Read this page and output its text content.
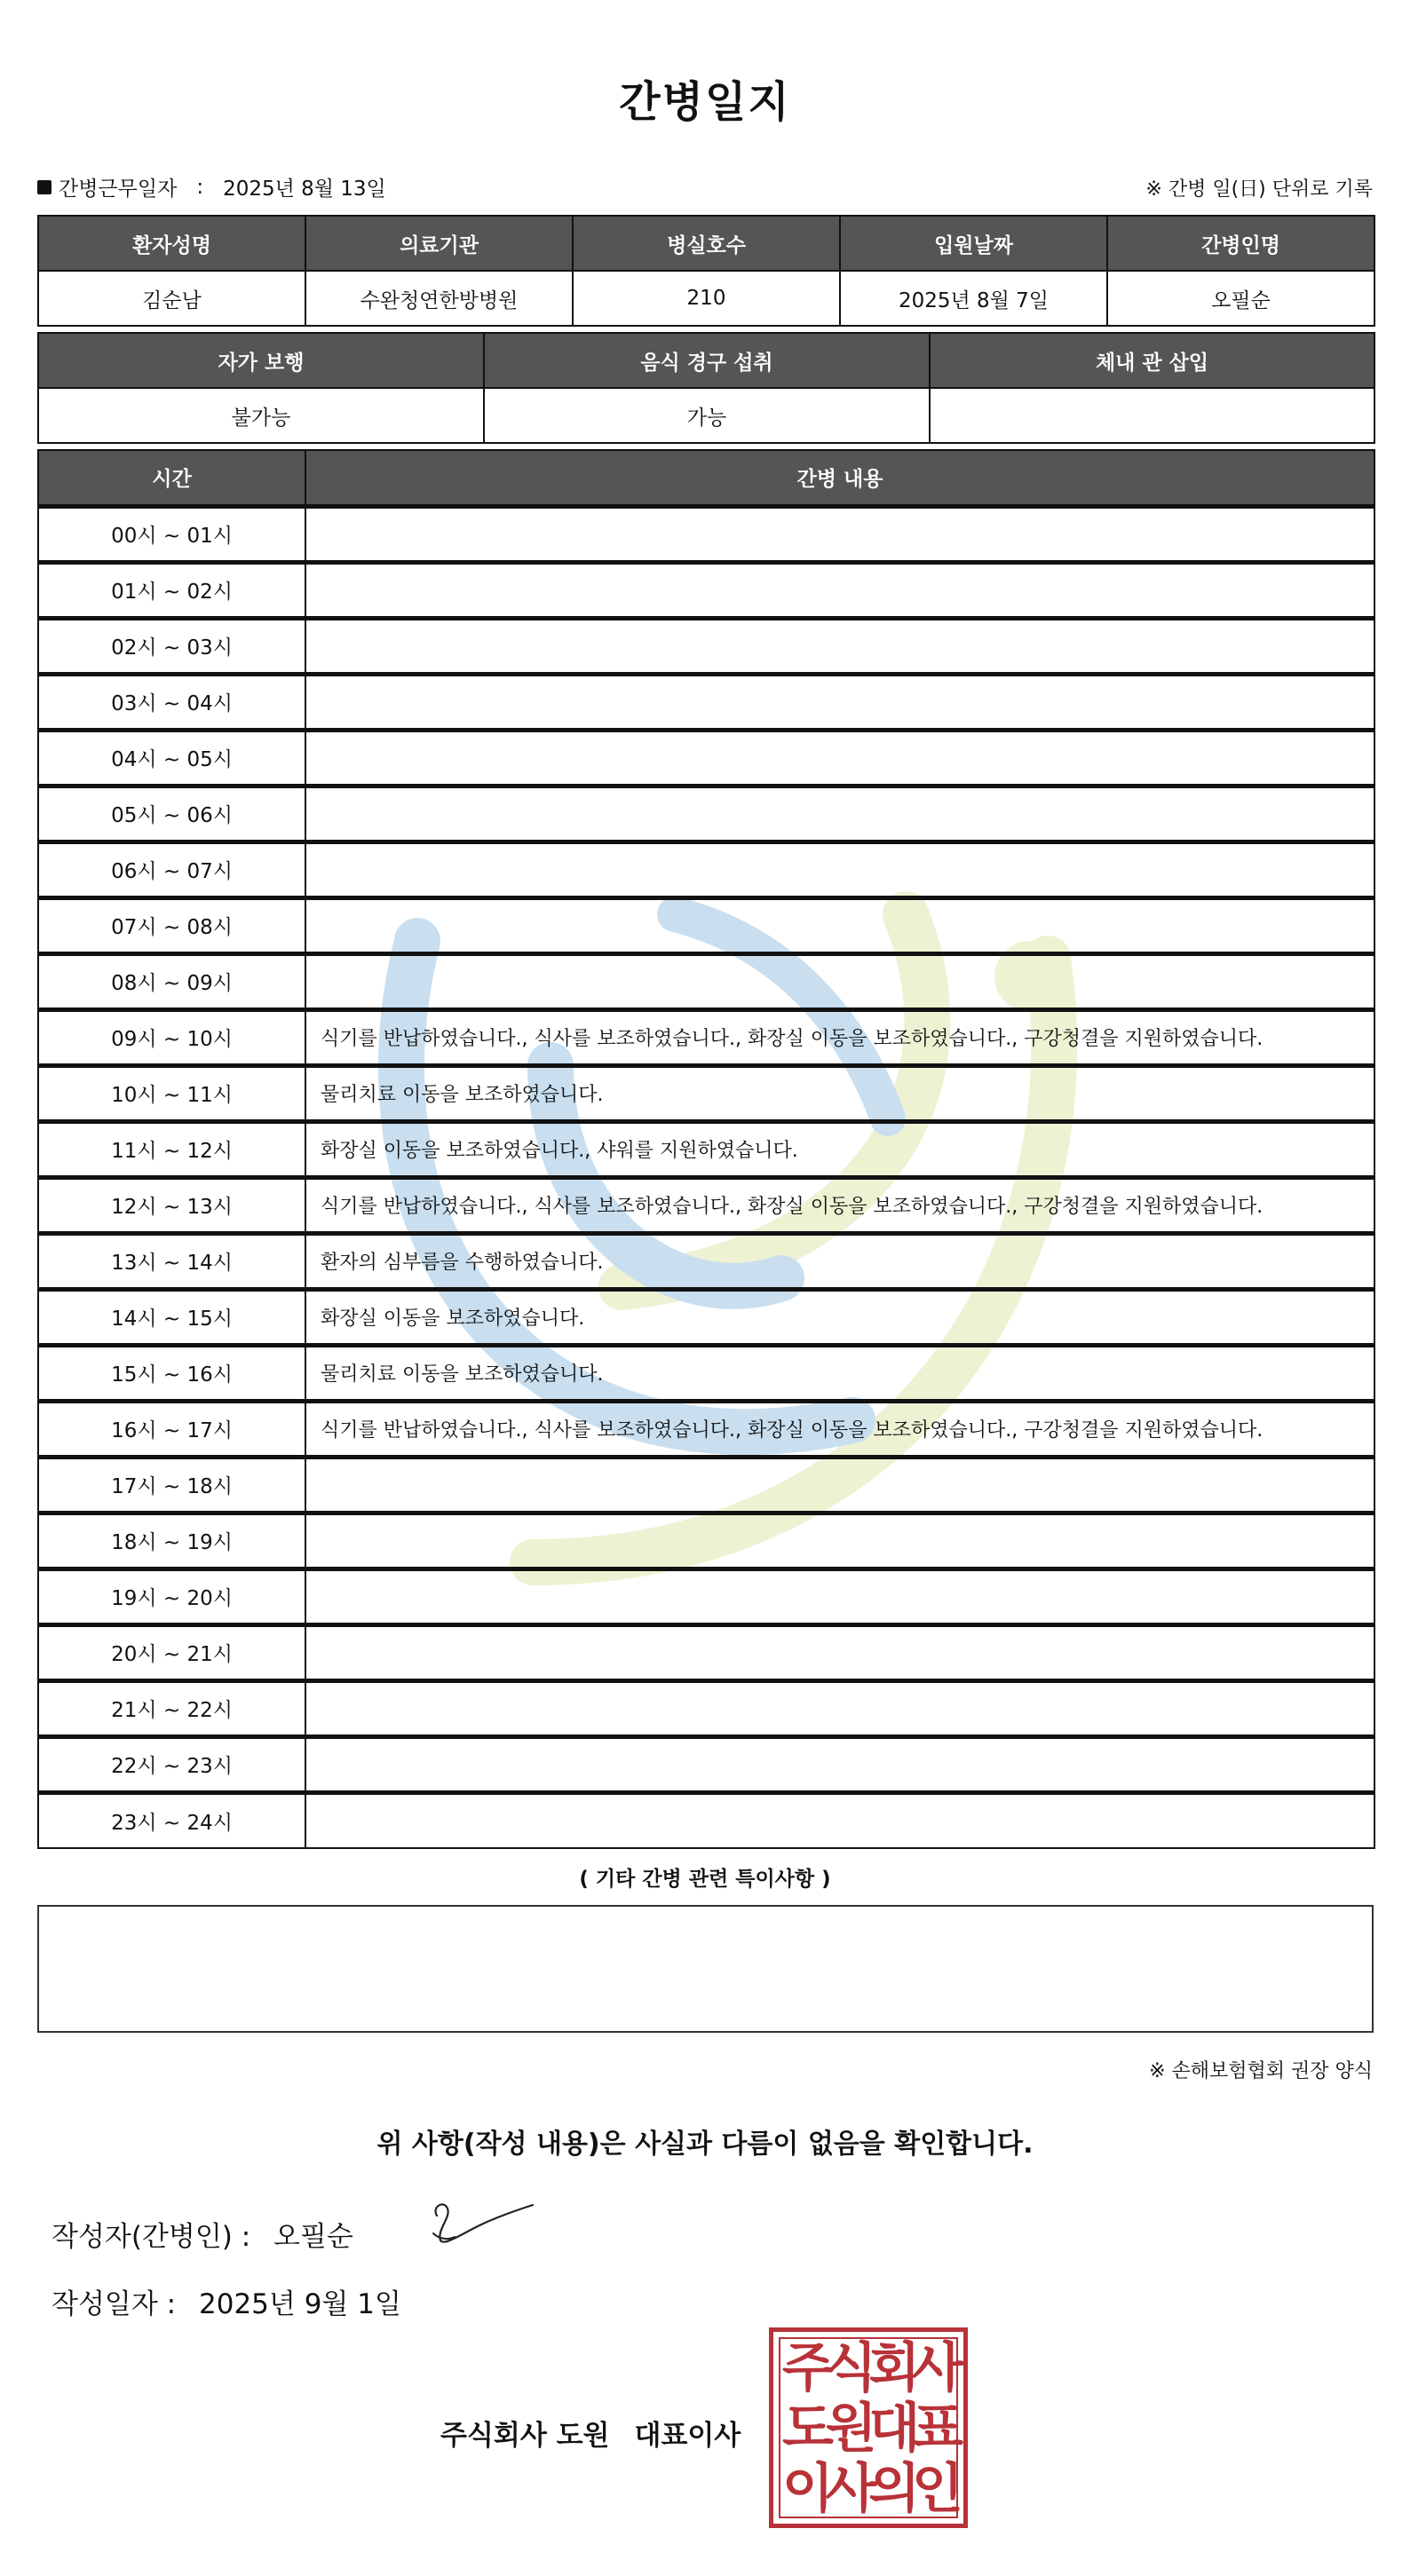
간병일지
간병근무일자 : 2025년 8월 13일	※ 간병 일(日) 단위로 기록
환자성명	의료기관	병실호수	입원날짜	간병인명
김순남	수완청연한방병원	210	2025년 8월 7일	오필순
자가 보행	음식 경구 섭취	체내 관 삽입
불가능	가능	
시간	간병 내용
00시 ~ 01시	
01시 ~ 02시	
02시 ~ 03시	
03시 ~ 04시	
04시 ~ 05시	
05시 ~ 06시	
06시 ~ 07시	
07시 ~ 08시	
08시 ~ 09시	
09시 ~ 10시	식기를 반납하였습니다., 식사를 보조하였습니다., 화장실 이동을 보조하였습니다., 구강청결을 지원하였습니다.
10시 ~ 11시	물리치료 이동을 보조하였습니다.
11시 ~ 12시	화장실 이동을 보조하였습니다., 샤워를 지원하였습니다.
12시 ~ 13시	식기를 반납하였습니다., 식사를 보조하였습니다., 화장실 이동을 보조하였습니다., 구강청결을 지원하였습니다.
13시 ~ 14시	환자의 심부름을 수행하였습니다.
14시 ~ 15시	화장실 이동을 보조하였습니다.
15시 ~ 16시	물리치료 이동을 보조하였습니다.
16시 ~ 17시	식기를 반납하였습니다., 식사를 보조하였습니다., 화장실 이동을 보조하였습니다., 구강청결을 지원하였습니다.
17시 ~ 18시	
18시 ~ 19시	
19시 ~ 20시	
20시 ~ 21시	
21시 ~ 22시	
22시 ~ 23시	
23시 ~ 24시	
( 기타 간병 관련 특이사항 )
※ 손해보험협회 권장 양식
위 사항(작성 내용)은 사실과 다름이 없음을 확인합니다.
작성자(간병인) : 오필순
작성일자 : 2025년 9월 1일
주식회사 도원 대표이사
주
식
회
사
도
원
대
표
이
사
의
인
